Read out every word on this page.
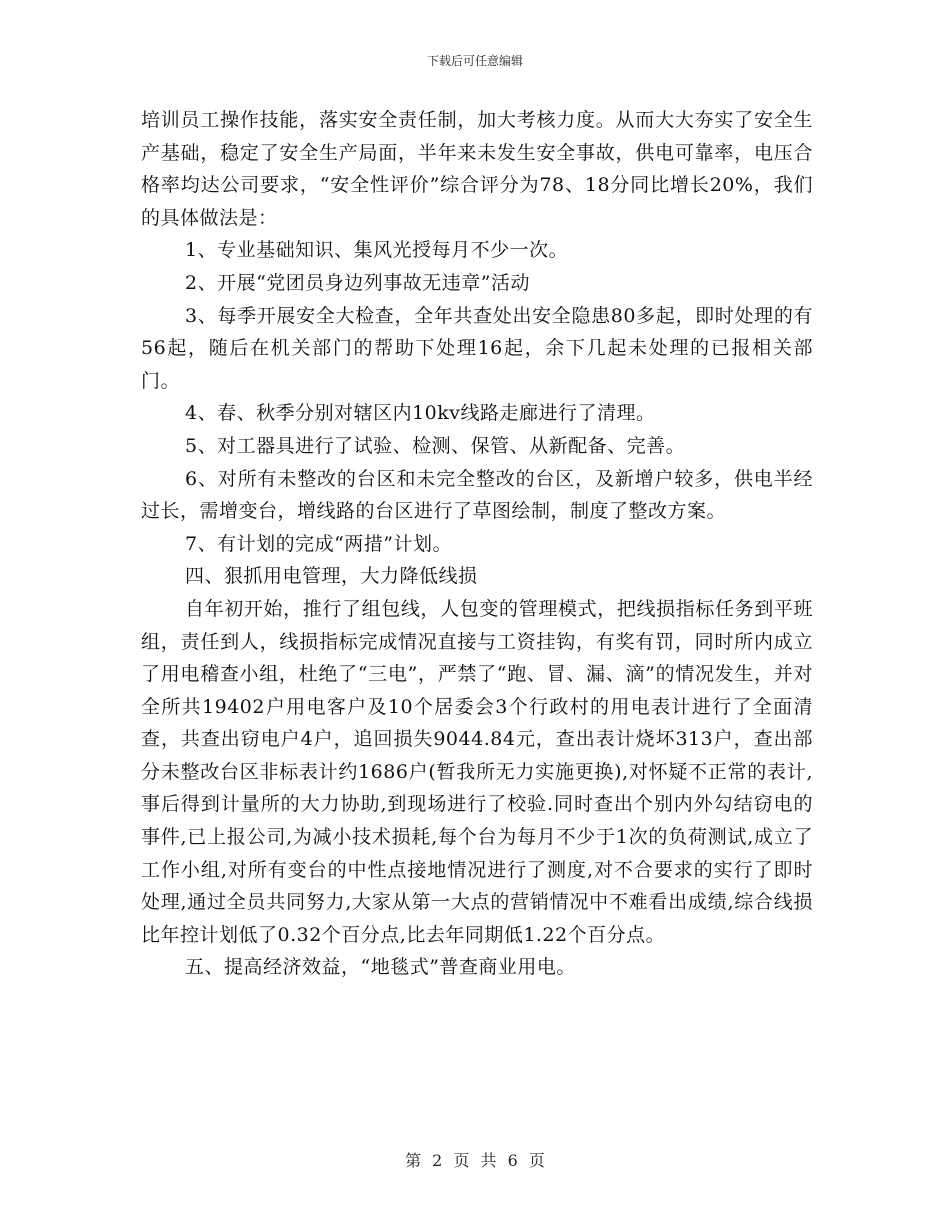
下载后可任意编辑

培训员工操作技能，落实安全责任制，加大考核力度。从而大大夯实了安全生产基础，稳定了安全生产局面，半年来未发生安全事故，供电可靠率，电压合格率均达公司要求，“安全性评价”综合评分为78、18分同比增长20%，我们的具体做法是：

1、专业基础知识、集风光授每月不少一次。

2、开展“党团员身边列事故无违章”活动

3、每季开展安全大检查，全年共查处出安全隐患80多起，即时处理的有56起，随后在机关部门的帮助下处理16起，余下几起未处理的已报相关部门。

4、春、秋季分别对辖区内10kv线路走廊进行了清理。

5、对工器具进行了试验、检测、保管、从新配备、完善。

6、对所有未整改的台区和未完全整改的台区，及新增户较多，供电半经过长，需增变台，增线路的台区进行了草图绘制，制度了整改方案。

7、有计划的完成“两措”计划。

四、狠抓用电管理，大力降低线损

自年初开始，推行了组包线，人包变的管理模式，把线损指标任务到平班组，责任到人，线损指标完成情况直接与工资挂钩，有奖有罚，同时所内成立了用电稽查小组，杜绝了“三电”，严禁了“跑、冒、漏、滴”的情况发生，并对全所共19402户用电客户及10个居委会3个行政村的用电表计进行了全面清查，共查出窃电户4户，追回损失9044.84元，查出表计烧坏313户，查出部分未整改台区非标表计约1686户(暂我所无力实施更换),对怀疑不正常的表计,事后得到计量所的大力协助,到现场进行了校验.同时查出个别内外勾结窃电的事件,已上报公司,为减小技术损耗,每个台为每月不少于1次的负荷测试,成立了工作小组,对所有变台的中性点接地情况进行了测度,对不合要求的实行了即时处理,通过全员共同努力,大家从第一大点的营销情况中不难看出成绩,综合线损比年控计划低了0.32个百分点,比去年同期低1.22个百分点。

五、提高经济效益，“地毯式”普查商业用电。

第 2 页 共 6 页
